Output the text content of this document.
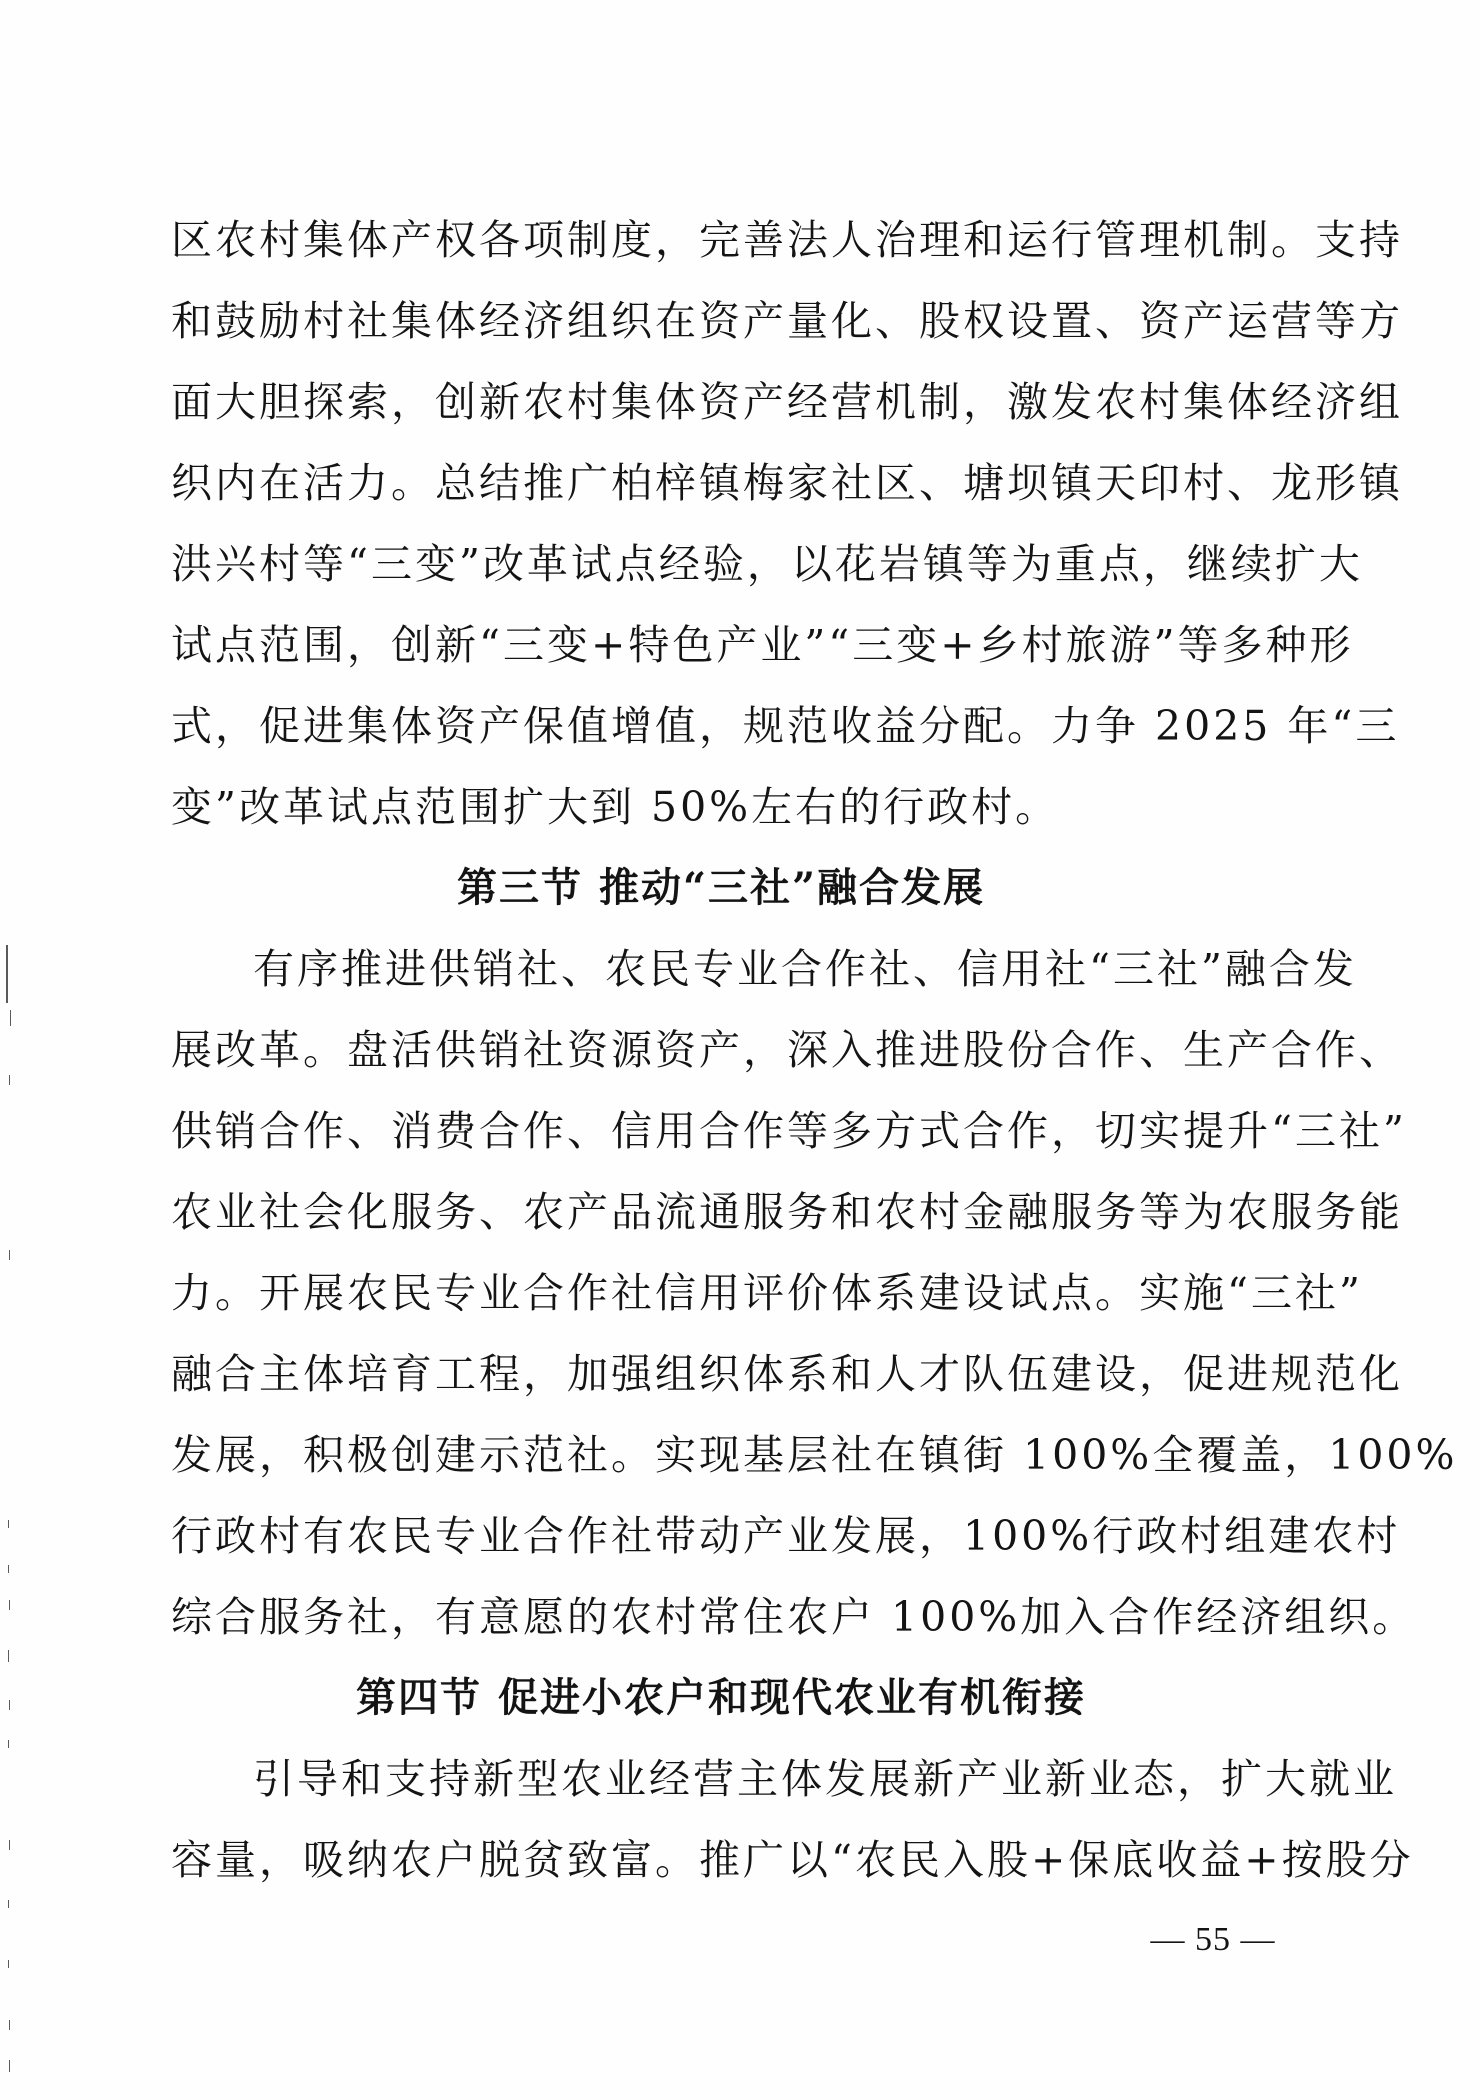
区农村集体产权各项制度，完善法人治理和运行管理机制。支持
和鼓励村社集体经济组织在资产量化、股权设置、资产运营等方
面大胆探索，创新农村集体资产经营机制，激发农村集体经济组
织内在活力。总结推广柏梓镇梅家社区、塘坝镇天印村、龙形镇
洪兴村等“三变”改革试点经验，以花岩镇等为重点，继续扩大
试点范围，创新“三变+特色产业”“三变+乡村旅游”等多种形
式，促进集体资产保值增值，规范收益分配。力争 2025 年“三
变”改革试点范围扩大到 50%左右的行政村。
第三节 推动“三社”融合发展
有序推进供销社、农民专业合作社、信用社“三社”融合发
展改革。盘活供销社资源资产，深入推进股份合作、生产合作、
供销合作、消费合作、信用合作等多方式合作，切实提升“三社”
农业社会化服务、农产品流通服务和农村金融服务等为农服务能
力。开展农民专业合作社信用评价体系建设试点。实施“三社”
融合主体培育工程，加强组织体系和人才队伍建设，促进规范化
发展，积极创建示范社。实现基层社在镇街 100%全覆盖，100%
行政村有农民专业合作社带动产业发展，100%行政村组建农村
综合服务社，有意愿的农村常住农户 100%加入合作经济组织。
第四节 促进小农户和现代农业有机衔接
引导和支持新型农业经营主体发展新产业新业态，扩大就业
容量，吸纳农户脱贫致富。推广以“农民入股+保底收益+按股分
— 55 —
